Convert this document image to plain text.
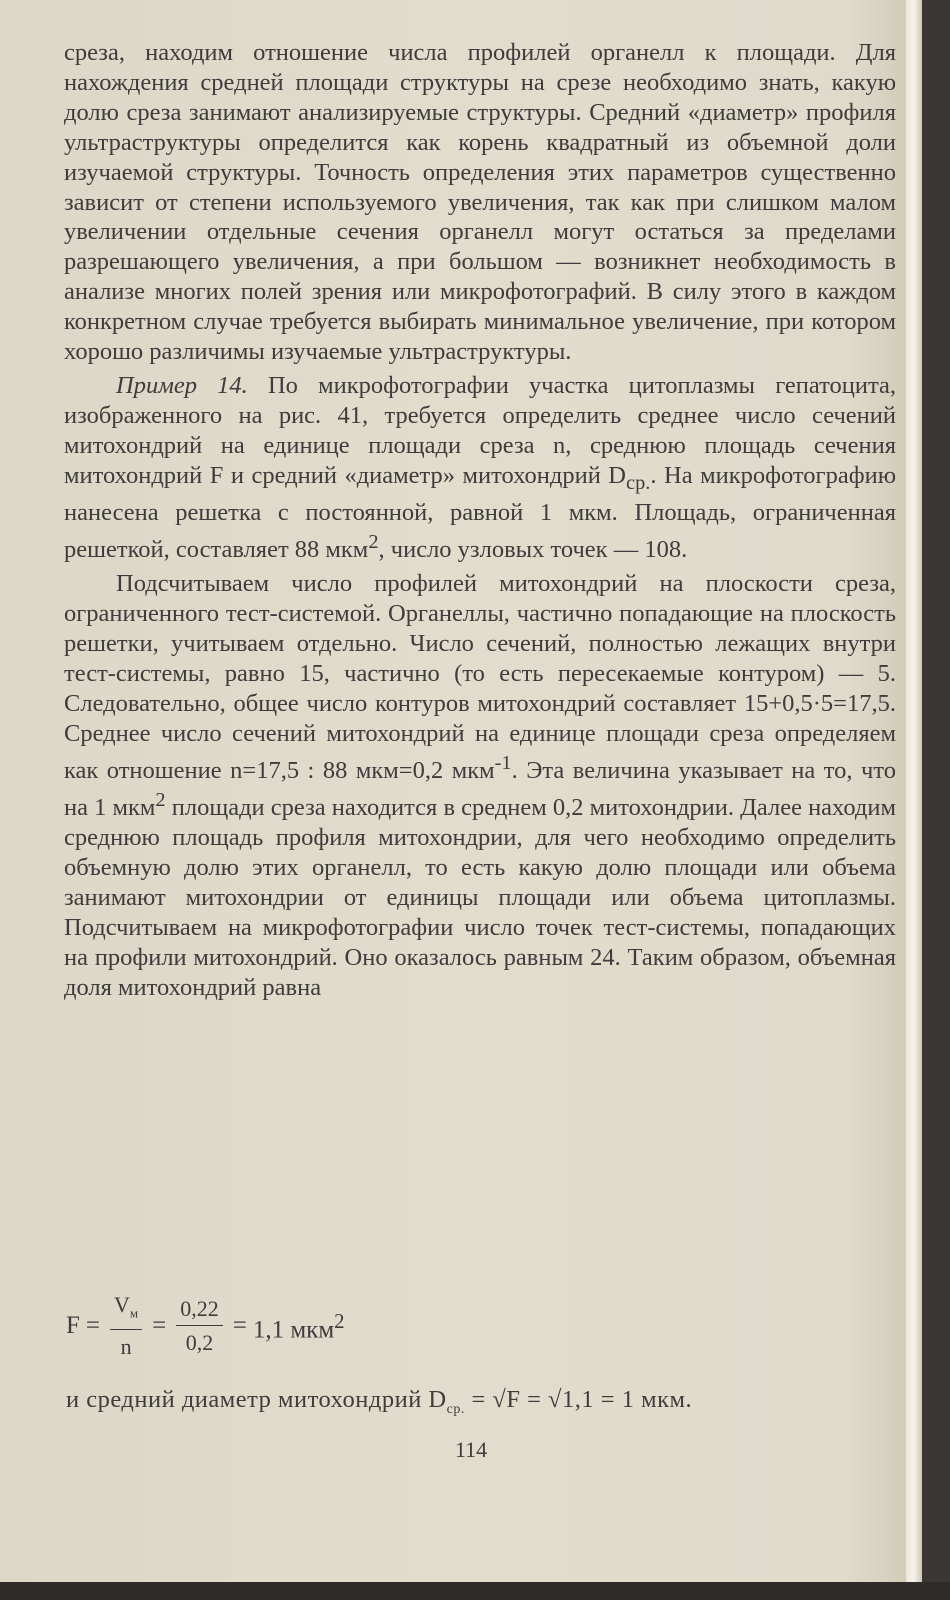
среза, находим отношение числа профилей органелл к площади. Для нахождения средней площади структуры на срезе необходимо знать, какую долю среза занимают анализируемые структуры. Средний «диаметр» профиля ультраструктуры определится как корень квадратный из объемной доли изучаемой структуры. Точность определения этих параметров существенно зависит от степени используемого увеличения, так как при слишком малом увеличении отдельные сечения органелл могут остаться за пределами разрешающего увеличения, а при большом — возникнет необходимость в анализе многих полей зрения или микрофотографий. В силу этого в каждом конкретном случае требуется выбирать минимальное увеличение, при котором хорошо различимы изучаемые ультраструктуры.

Пример 14. По микрофотографии участка цитоплазмы гепатоцита, изображенного на рис. 41, требуется определить среднее число сечений митохондрий на единице площади среза n, среднюю площадь сечения митохондрий F и средний «диаметр» митохондрий $D_{ср.}$. На микрофотографию нанесена решетка с постоянной, равной 1 мкм. Площадь, ограниченная решеткой, составляет 88 мкм$^2$, число узловых точек — 108.

Подсчитываем число профилей митохондрий на плоскости среза, ограниченного тест-системой. Органеллы, частично попадающие на плоскость решетки, учитываем отдельно. Число сечений, полностью лежащих внутри тест-системы, равно 15, частично (то есть пересекаемые контуром) — 5. Следовательно, общее число контуров митохондрий составляет 15+0,5·5=17,5. Среднее число сечений митохондрий на единице площади среза определяем как отношение n=17,5 : 88 мкм=0,2 мкм$^{-1}$. Эта величина указывает на то, что на 1 мкм$^2$ площади среза находится в среднем 0,2 митохондрии. Далее находим среднюю площадь профиля митохондрии, для чего необходимо определить объемную долю этих органелл, то есть какую долю площади или объема занимают митохондрии от единицы площади или объема цитоплазмы. Подсчитываем на микрофотографии число точек тест-системы, попадающих на профили митохондрий. Оно оказалось равным 24. Таким образом, объемная доля митохондрий равна

$F = \frac{V_м}{n} = \frac{0,22}{0,2} = 1,1$ мкм$^2$
и средний диаметр митохондрий $D_{ср.} = √F = √1,1 = 1$ мкм.
114
